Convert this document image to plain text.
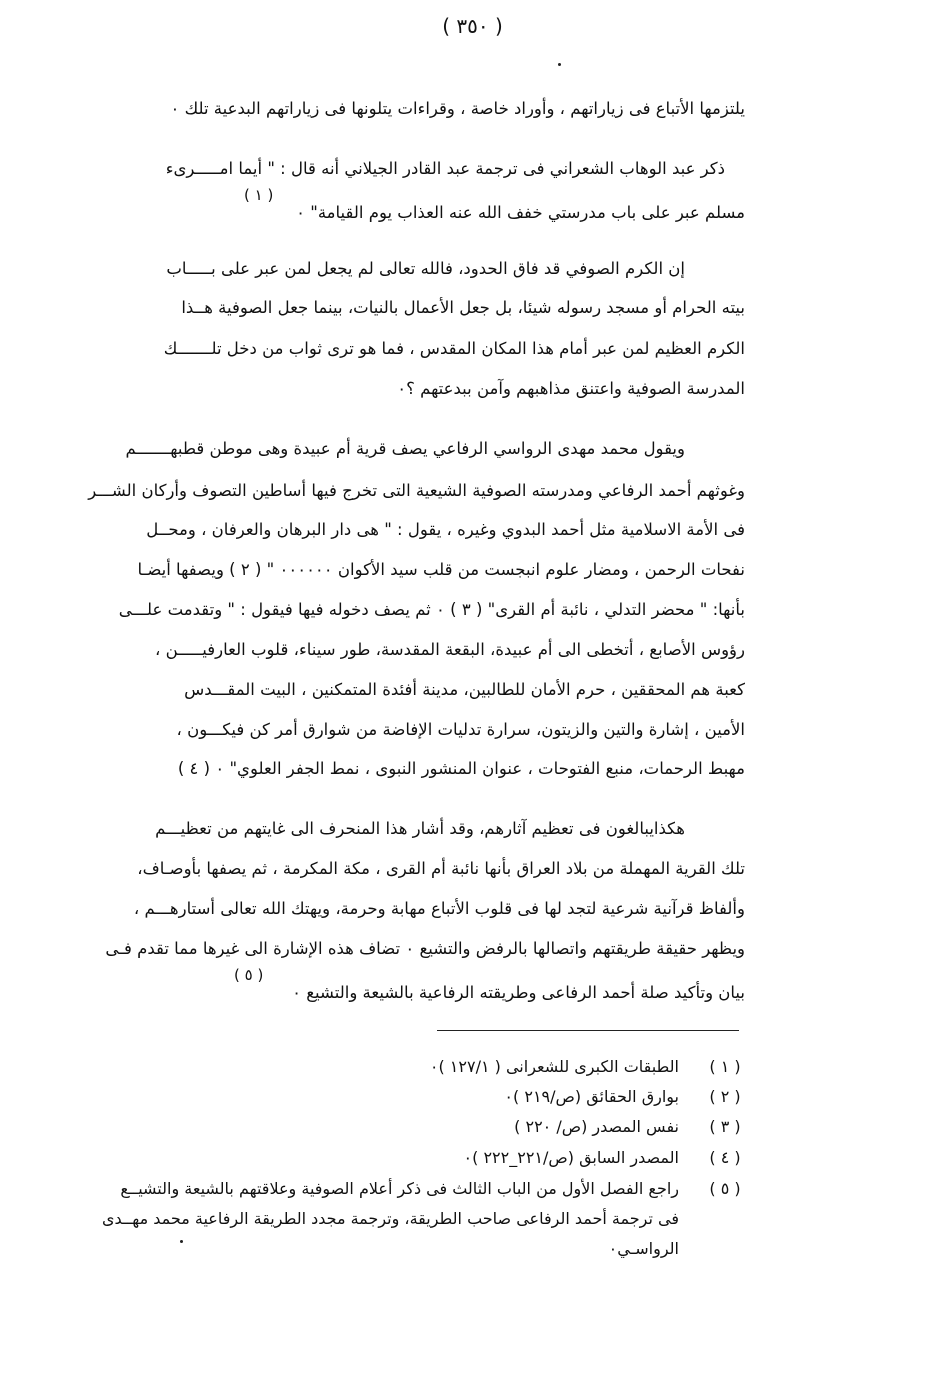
( ٣٥٠ )
يلتزمها الأتباع فى زياراتهم ، وأوراد خاصة ، وقراءات يتلونها فى زياراتهم البدعية تلك ٠
ذكر عبد الوهاب الشعراني فى ترجمة عبد القادر الجيلاني أنه قال : " أيما امـــــرىء
مسلم عبر على باب مدرستي خفف الله عنه العذاب يوم القيامة" ٠
( ١ )
إن الكرم الصوفي قد فاق الحدود، فالله تعالى لم يجعل لمن عبر على بـــــاب
بيته الحرام أو مسجد رسوله شيئا، بل جعل الأعمال بالنيات، بينما جعل الصوفية هــذا
الكرم العظيم لمن عبر أمام هذا المكان المقدس ، فما هو ترى ثواب من دخل تلـــــــك
المدرسة الصوفية واعتنق مذاهبهم وآمن ببدعتهم ؟٠
ويقول محمد مهدى الرواسي الرفاعي يصف قرية أم عبيدة وهى موطن قطبهـــــــم
وغوثهم أحمد الرفاعي ومدرسته الصوفية الشيعية التى تخرج فيها أساطين التصوف وأركان الشـــر
فى الأمة الاسلامية مثل أحمد البدوي وغيره ، يقول : " هى دار البرهان والعرفان ، ومحــل
نفحات الرحمن ، ومضار علوم انبجست من قلب سيد الأكوان ٠٠٠٠٠٠ " ( ٢ ) ويصفها أيضـا
بأنها: " محضر التدلي ، نائبة أم القرى" ( ٣ ) ٠ ثم يصف دخوله فيها فيقول : " وتقدمت علـــى
رؤوس الأصابع ، أتخطى الى أم عبيدة، البقعة المقدسة، طور سيناء، قلوب العارفيـــــن ،
كعبة هم المحققين ، حرم الأمان للطالبين، مدينة أفئدة المتمكنين ، البيت المقـــدس
الأمين ، إشارة والتين والزيتون، سرارة تدليات الإفاضة من شوارق أمر كن فيكـــون ،
مهبط الرحمات، منبع الفتوحات ، عنوان المنشور النبوى ، نمط الجفر العلوي" ٠ ( ٤ )
هكذايبالغون فى تعظيم آثارهم، وقد أشار هذا المنحرف الى غايتهم من تعظيـــم
تلك القرية المهملة من بلاد العراق بأنها نائبة أم القرى ، مكة المكرمة ، ثم يصفها بأوصـاف،
وألفاظ قرآنية شرعية لتجد لها فى قلوب الأتباع مهابة وحرمة، ويهتك الله تعالى أستارهـــم ،
ويظهر حقيقة طريقتهم واتصالها بالرفض والتشيع ٠ تضاف هذه الإشارة الى غيرها مما تقدم فـى
بيان وتأكيد صلة أحمد الرفاعى وطريقته الرفاعية بالشيعة والتشيع ٠
( ٥ )
( ١ )الطبقات الكبرى للشعرانى ( ١٢٧/١ )٠
( ٢ )بوارق الحقائق (ص/٢١٩ )٠
( ٣ )نفس المصدر (ص/ ٢٢٠ )
( ٤ )المصدر السابق (ص/٢٢١_٢٢٢ )٠
( ٥ )راجع الفصل الأول من الباب الثالث فى ذكر أعلام الصوفية وعلاقتهم بالشيعة والتشيــع
فى ترجمة أحمد الرفاعى صاحب الطريقة، وترجمة مجدد الطريقة الرفاعية محمد مهــدى
الرواسـي٠
